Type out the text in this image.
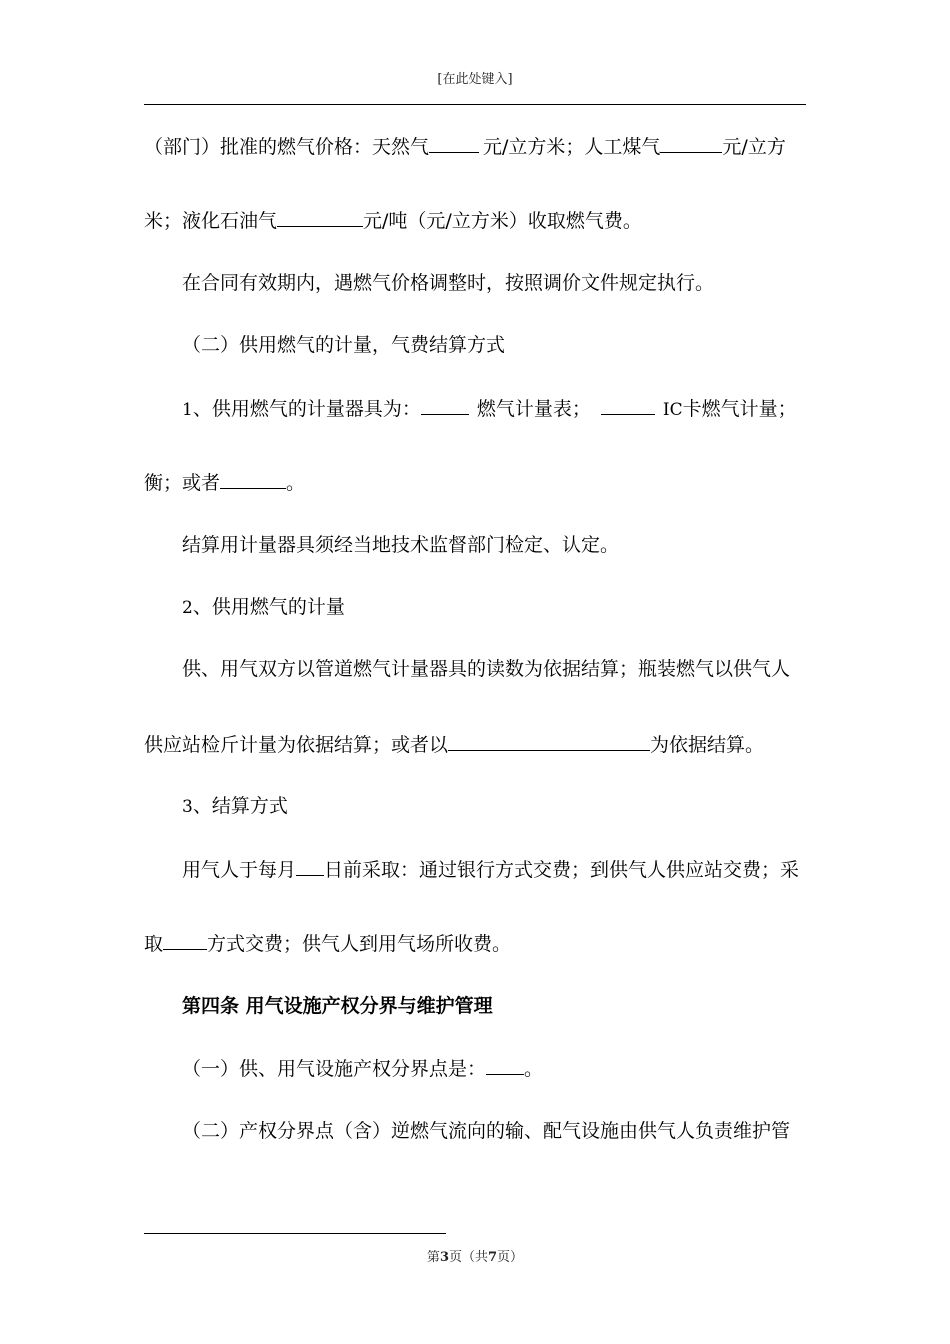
[在此处键入]
（部门）批准的燃气价格：天然气	元/立方米；人工煤气	元/立方
米；液化石油气	元/吨（元/立方米）收取燃气费。
在合同有效期内，遇燃气价格调整时，按照调价文件规定执行。
（二）供用燃气的计量，气费结算方式
1、供用燃气的计量器具为：	燃气计量表；	IC卡燃气计量；
衡；或者	。
结算用计量器具须经当地技术监督部门检定、认定。
2、供用燃气的计量
供、用气双方以管道燃气计量器具的读数为依据结算；瓶装燃气以供气人
供应站检斤计量为依据结算；或者以	为依据结算。
3、结算方式
用气人于每月 日前采取：通过银行方式交费；到供气人供应站交费；采
取 方式交费；供气人到用气场所收费。
第四条 用气设施产权分界与维护管理
（一）供、用气设施产权分界点是： 。
（二）产权分界点（含）逆燃气流向的输、配气设施由供气人负责维护管
第3页（共7页）
